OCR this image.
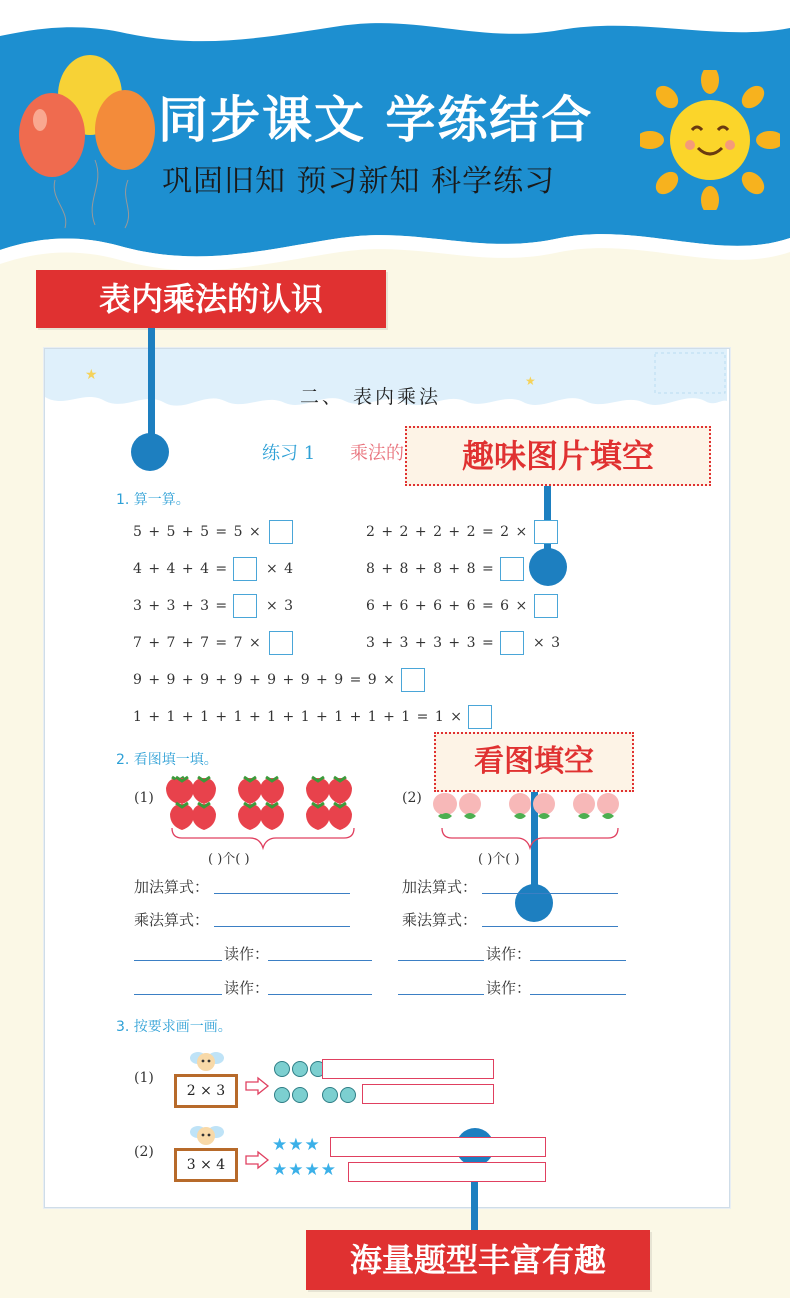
同步课文 学练结合
巩固旧知 预习新知 科学练习
表内乘法的认识
★	★
二、 表内乘法
练习 1 乘法的	趣味图片填空
1. 算一算。
5 + 5 + 5 = 5 ×	2 + 2 + 2 + 2 = 2 ×
4 + 4 + 4 =	× 4	8 + 8 + 8 + 8 =
3 + 3 + 3 =	× 3	6 + 6 + 6 + 6 = 6 ×
7 + 7 + 7 = 7 ×	3 + 3 + 3 + 3 =	× 3
9 + 9 + 9 + 9 + 9 + 9 + 9 = 9 ×
1 + 1 + 1 + 1 + 1 + 1 + 1 + 1 + 1 = 1 ×
看图填空
2. 看图填一填。
(1)	(2)
( )个( )	( )个( )
加法算式：	加法算式：
乘法算式：	乘法算式：
读作：	读作：
读作：	读作：
3. 按要求画一画。
(1)
2 × 3
(2)
3 × 4
★★★
★★★★
海量题型丰富有趣
